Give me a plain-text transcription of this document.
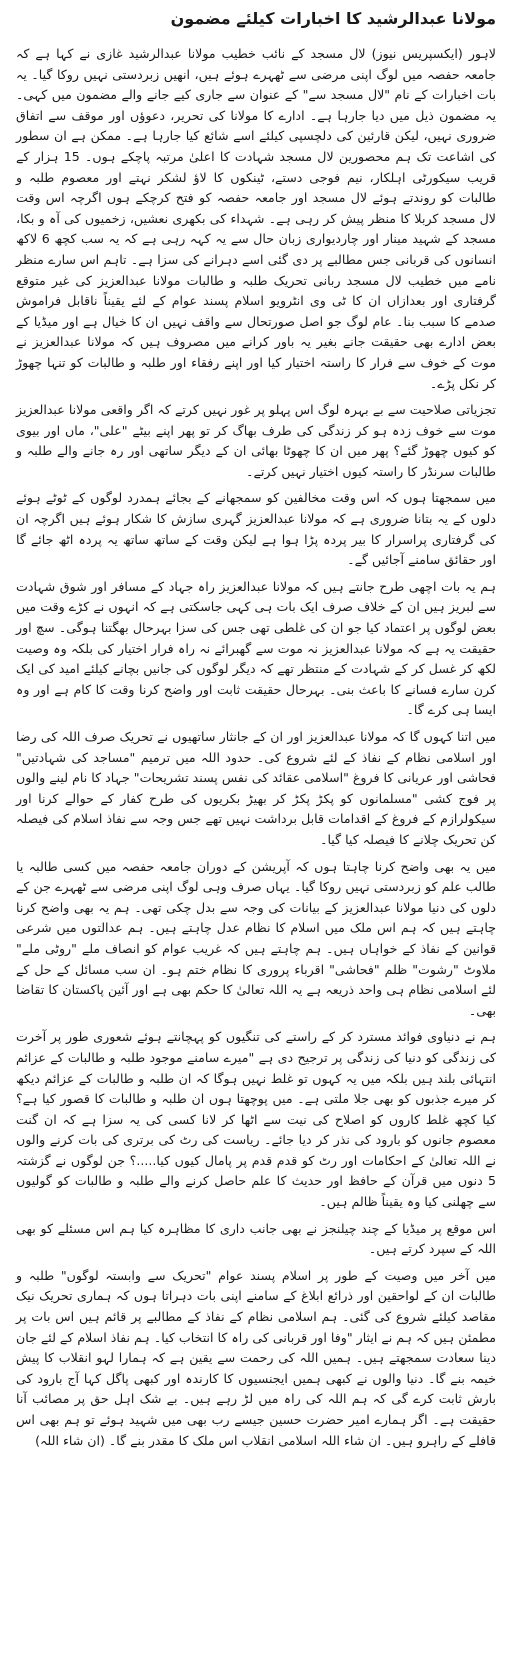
مولانا عبدالرشید کا اخبارات کیلئے مضمون

لاہور (ایکسپریس نیوز) لال مسجد کے نائب خطیب مولانا عبدالرشید غازی نے کہا ہے کہ جامعہ حفصہ میں لوگ اپنی مرضی سے ٹھہرے ہوئے ہیں، انھیں زبردستی نہیں روکا گیا۔ یہ بات اخبارات کے نام "لال مسجد سے" کے عنوان سے جاری کیے جانے والے مضمون میں کہی۔ یہ مضمون ذیل میں دیا جارہا ہے۔ ادارے کا مولانا کی تحریر، دعوؤں اور موقف سے اتفاق ضروری نہیں، لیکن قارئین کی دلچسپی کیلئے اسے شائع کیا جارہا ہے۔ ممکن ہے ان سطور کی اشاعت تک ہم محصورین لال مسجد شہادت کا اعلیٰ مرتبہ پاچکے ہوں۔ 15 ہزار کے قریب سیکورٹی اہلکار، نیم فوجی دستے، ٹینکوں کا لاؤ لشکر نہتے اور معصوم طلبہ و طالبات کو روندتے ہوئے لال مسجد اور جامعہ حفصہ کو فتح کرچکے ہوں اگرچہ اس وقت لال مسجد کربلا کا منظر پیش کر رہی ہے۔ شہداء کی بکھری نعشیں، زخمیوں کی آہ و بکا، مسجد کے شہید مینار اور چاردیواری زبان حال سے یہ کہہ رہی ہے کہ یہ سب کچھ 6 لاکھ انسانوں کی قربانی جس مطالبے پر دی گئی اسے دہرانے کی سزا ہے۔ تاہم اس سارے منظر نامے میں خطیب لال مسجد ربانی تحریک طلبہ و طالبات مولانا عبدالعزیز کی غیر متوقع گرفتاری اور بعدازاں ان کا ٹی وی انٹرویو اسلام پسند عوام کے لئے یقیناً ناقابل فراموش صدمے کا سبب بنا۔ عام لوگ جو اصل صورتحال سے واقف نہیں ان کا خیال ہے اور میڈیا کے بعض ادارے بھی حقیقت جانے بغیر یہ باور کرانے میں مصروف ہیں کہ مولانا عبدالعزیز نے موت کے خوف سے فرار کا راستہ اختیار کیا اور اپنے رفقاء اور طلبہ و طالبات کو تنہا چھوڑ کر نکل پڑے۔

تجزیاتی صلاحیت سے بے بہرہ لوگ اس پہلو پر غور نہیں کرتے کہ اگر واقعی مولانا عبدالعزیز موت سے خوف زدہ ہو کر زندگی کی طرف بھاگ کر تو پھر اپنے بیٹے "علی"، ماں اور بیوی کو کیوں چھوڑ گئے؟ پھر میں ان کا چھوٹا بھائی ان کے دیگر ساتھی اور رہ جانے والے طلبہ و طالبات سرنڈر کا راستہ کیوں اختیار نہیں کرتے۔

میں سمجھتا ہوں کہ اس وقت مخالفین کو سمجھانے کے بجائے ہمدرد لوگوں کے ٹوٹے ہوئے دلوں کے یہ بتانا ضروری ہے کہ مولانا عبدالعزیز گہری سازش کا شکار ہوئے ہیں اگرچہ ان کی گرفتاری پراسرار کا بیر پردہ پڑا ہوا ہے لیکن وقت کے ساتھ ساتھ یہ پردہ اٹھ جائے گا اور حقائق سامنے آجائیں گے۔

ہم یہ بات اچھی طرح جانتے ہیں کہ مولانا عبدالعزیز راہ جہاد کے مسافر اور شوق شہادت سے لبریز ہیں ان کے خلاف صرف ایک بات ہی کہی جاسکتی ہے کہ انہوں نے کڑے وقت میں بعض لوگوں پر اعتماد کیا جو ان کی غلطی تھی جس کی سزا بہرحال بھگتنا ہوگی۔ سچ اور حقیقت یہ ہے کہ مولانا عبدالعزیز نہ موت سے گھبرائے نہ راہ فرار اختیار کی بلکہ وہ وصیت لکھ کر غسل کر کے شہادت کے منتظر تھے کہ دیگر لوگوں کی جانیں بچانے کیلئے امید کی ایک کرن سارے فسانے کا باعث بنی۔ بہرحال حقیقت ثابت اور واضح کرنا وقت کا کام ہے اور وہ ایسا ہی کرے گا۔

میں اتنا کہوں گا کہ مولانا عبدالعزیز اور ان کے جانثار ساتھیوں نے تحریک صرف اللہ کی رضا اور اسلامی نظام کے نفاذ کے لئے شروع کی۔ حدود اللہ میں ترمیم "مساجد کی شہادتیں" فحاشی اور عریانی کا فروغ "اسلامی عقائد کی نفس پسند تشریحات" جہاد کا نام لینے والوں پر فوج کشی "مسلمانوں کو پکڑ پکڑ کر بھیڑ بکریوں کی طرح کفار کے حوالے کرنا اور سیکولرازم کے فروغ کے اقدامات قابل برداشت نہیں تھے جس وجہ سے نفاذ اسلام کی فیصلہ کن تحریک چلانے کا فیصلہ کیا گیا۔

میں یہ بھی واضح کرنا چاہتا ہوں کہ آپریشن کے دوران جامعہ حفصہ میں کسی طالبہ یا طالب علم کو زبردستی نہیں روکا گیا۔ یہاں صرف وہی لوگ اپنی مرضی سے ٹھہرے جن کے دلوں کی دنیا مولانا عبدالعزیز کے بیانات کی وجہ سے بدل چکی تھی۔ ہم یہ بھی واضح کرنا چاہتے ہیں کہ ہم اس ملک میں اسلام کا نظام عدل چاہتے ہیں۔ ہم عدالتوں میں شرعی قوانین کے نفاذ کے خواہاں ہیں۔ ہم چاہتے ہیں کہ غریب عوام کو انصاف ملے "روٹی ملے" ملاوٹ "رشوت" ظلم "فحاشی" اقرباء پروری کا نظام ختم ہو۔ ان سب مسائل کے حل کے لئے اسلامی نظام ہی واحد ذریعہ ہے یہ اللہ تعالیٰ کا حکم بھی ہے اور آئین پاکستان کا تقاضا بھی۔

ہم نے دنیاوی فوائد مسترد کر کے راستے کی تنگیوں کو پہچانتے ہوئے شعوری طور پر آخرت کی زندگی کو دنیا کی زندگی پر ترجیح دی ہے "میرے سامنے موجود طلبہ و طالبات کے عزائم انتہائی بلند ہیں بلکہ میں یہ کہوں تو غلط نہیں ہوگا کہ ان طلبہ و طالبات کے عزائم دیکھ کر میرے جذبوں کو بھی جلا ملتی ہے۔ میں پوچھتا ہوں ان طلبہ و طالبات کا قصور کیا ہے؟ کیا کچھ غلط کاروں کو اصلاح کی نیت سے اٹھا کر لانا کسی کی یہ سزا ہے کہ ان گنت معصوم جانوں کو بارود کی نذر کر دیا جائے۔ ریاست کی رٹ کی برتری کی بات کرنے والوں نے اللہ تعالیٰ کے احکامات اور رٹ کو قدم قدم پر پامال کیوں کیا.....؟ جن لوگوں نے گزشتہ 5 دنوں میں قرآن کے حافظ اور حدیث کا علم حاصل کرنے والے طلبہ و طالبات کو گولیوں سے چھلنی کیا وہ یقیناً ظالم ہیں۔

اس موقع پر میڈیا کے چند چیلنجز نے بھی جانب داری کا مظاہرہ کیا ہم اس مسئلے کو بھی اللہ کے سپرد کرتے ہیں۔

میں آخر میں وصیت کے طور پر اسلام پسند عوام "تحریک سے وابستہ لوگوں" طلبہ و طالبات ان کے لواحقین اور ذرائع ابلاغ کے سامنے اپنی بات دہراتا ہوں کہ ہماری تحریک نیک مقاصد کیلئے شروع کی گئی۔ ہم اسلامی نظام کے نفاذ کے مطالبے پر قائم ہیں اس بات پر مطمئن ہیں کہ ہم نے ایثار "وفا اور قربانی کی راہ کا انتخاب کیا۔ ہم نفاذ اسلام کے لئے جان دینا سعادت سمجھتے ہیں۔ ہمیں اللہ کی رحمت سے یقین ہے کہ ہمارا لہو انقلاب کا پیش خیمہ بنے گا۔ دنیا والوں نے کبھی ہمیں ایجنسیوں کا کارندہ اور کبھی پاگل کہا آج بارود کی بارش ثابت کرے گی کہ ہم اللہ کی راہ میں لڑ رہے ہیں۔ بے شک اہل حق پر مصائب آنا حقیقت ہے۔ اگر ہمارے امیر حضرت حسین جیسے رب بھی میں شہید ہوئے تو ہم بھی اس قافلے کے راہرو ہیں۔ ان شاء اللہ اسلامی انقلاب اس ملک کا مقدر بنے گا۔ (ان شاء اللہ)
